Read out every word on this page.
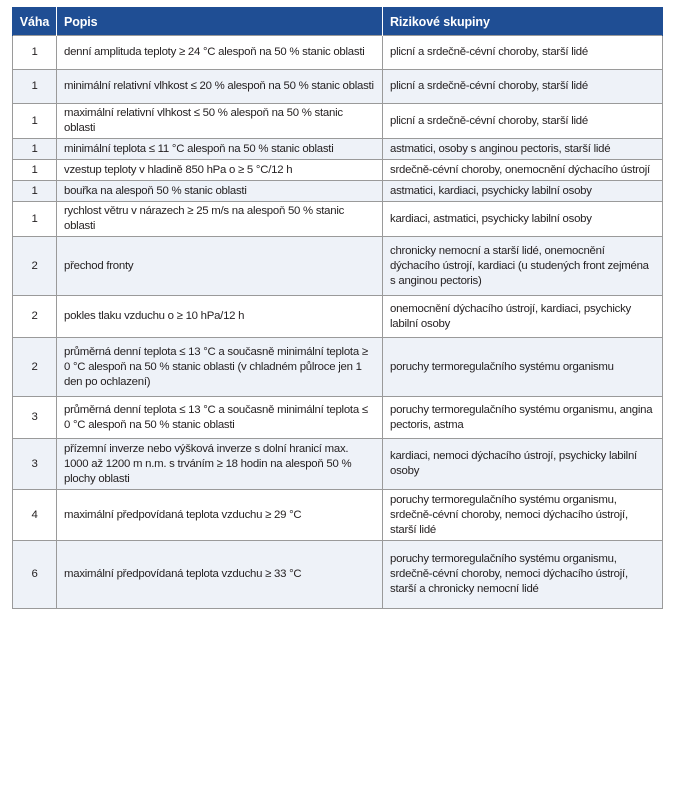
Váha	Popis	Rizikové skupiny
1	denní amplituda teploty ≥ 24 °C alespoň na 50 % stanic oblasti	plicní a srdečně-cévní choroby, starší lidé
1	minimální relativní vlhkost ≤ 20 % alespoň na 50 % stanic oblasti	plicní a srdečně-cévní choroby, starší lidé
1	maximální relativní vlhkost ≤ 50 % alespoň na 50 % stanic oblasti	plicní a srdečně-cévní choroby, starší lidé
1	minimální teplota ≤ 11 °C alespoň na 50 % stanic oblasti	astmatici, osoby s anginou pectoris, starší lidé
1	vzestup teploty v hladině 850 hPa o ≥ 5 °C/12 h	srdečně-cévní choroby, onemocnění dýchacího ústrojí
1	bouřka na alespoň 50 % stanic oblasti	astmatici, kardiaci, psychicky labilní osoby
1	rychlost větru v nárazech ≥ 25 m/s na alespoň 50 % stanic oblasti	kardiaci, astmatici, psychicky labilní osoby
2	přechod fronty	chronicky nemocní a starší lidé, onemocnění dýchacího ústrojí, kardiaci (u studených front zejména s anginou pectoris)
2	pokles tlaku vzduchu o ≥ 10 hPa/12 h	onemocnění dýchacího ústrojí, kardiaci, psychicky labilní osoby
2	průměrná denní teplota ≤ 13 °C a současně minimální teplota ≥ 0 °C alespoň na 50 % stanic oblasti (v chladném půlroce jen 1 den po ochlazení)	poruchy termoregulačního systému organismu
3	průměrná denní teplota ≤ 13 °C a současně minimální teplota ≤ 0 °C alespoň na 50 % stanic oblasti	poruchy termoregulačního systému organismu, angina pectoris, astma
3	přízemní inverze nebo výšková inverze s dolní hranicí max. 1000 až 1200 m n.m. s trváním ≥ 18 hodin na alespoň 50 % plochy oblasti	kardiaci, nemoci dýchacího ústrojí, psychicky labilní osoby
4	maximální předpovídaná teplota vzduchu ≥ 29 °C	poruchy termoregulačního systému organismu, srdečně-cévní choroby, nemoci dýchacího ústrojí, starší lidé
6	maximální předpovídaná teplota vzduchu ≥ 33 °C	poruchy termoregulačního systému organismu, srdečně-cévní choroby, nemoci dýchacího ústrojí, starší a chronicky nemocní lidé
